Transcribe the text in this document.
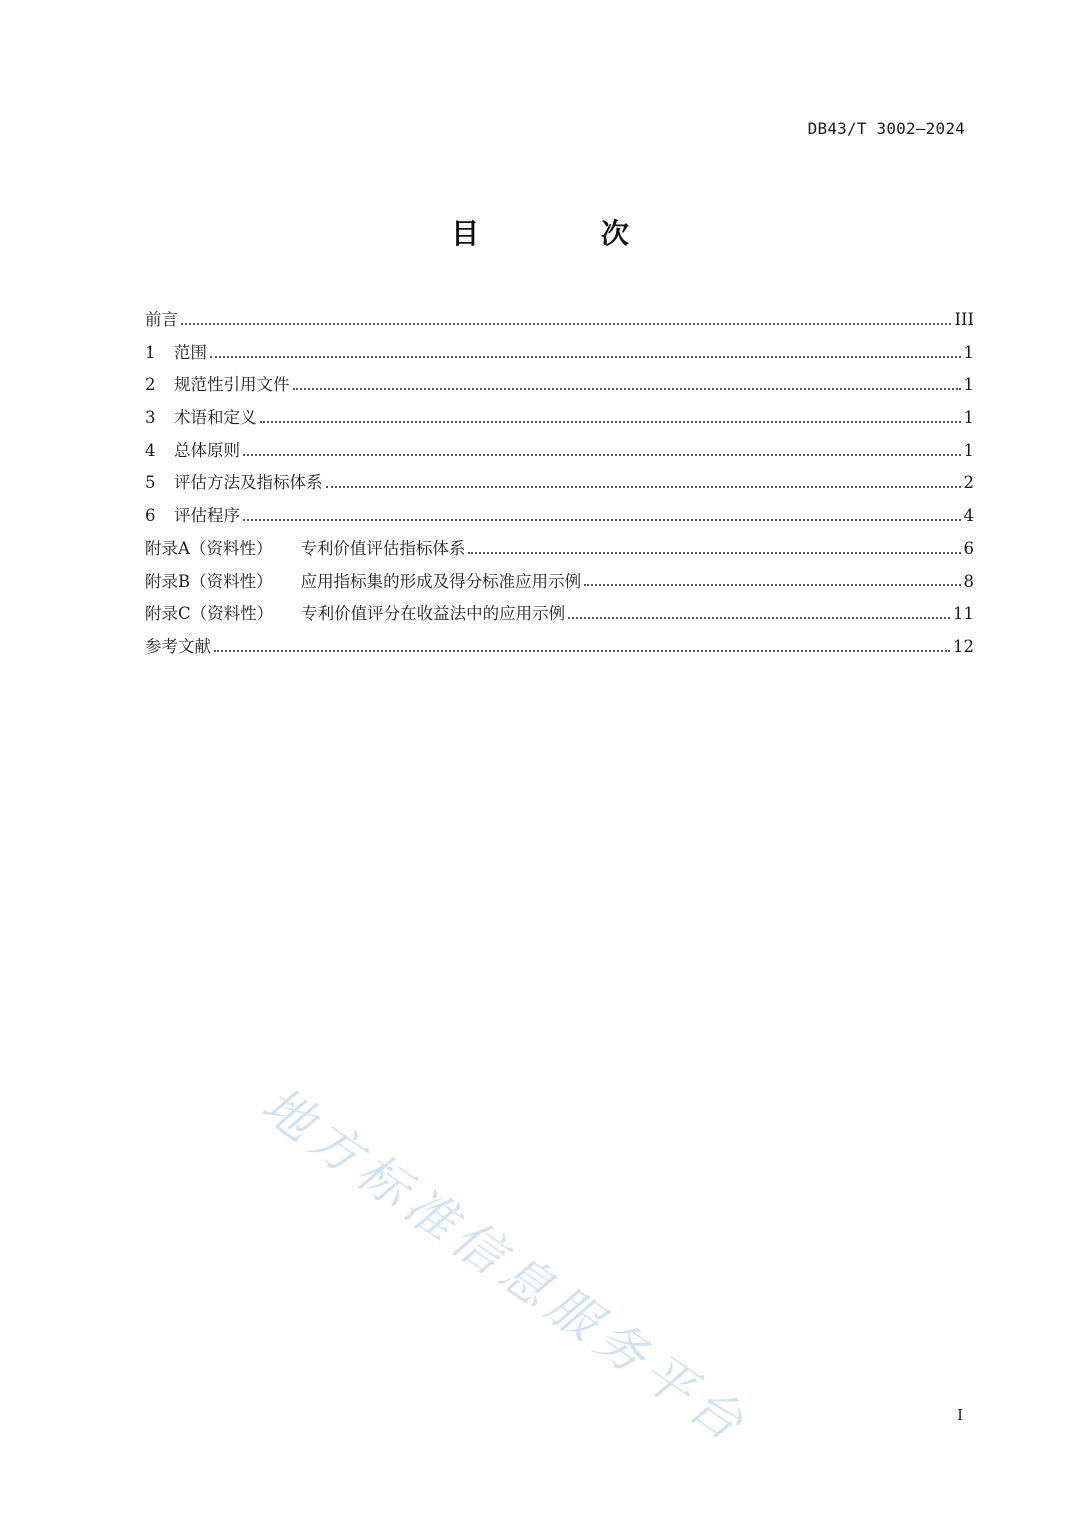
DB43/T 3002—2024
目 次
前言	III
1	范围	1
2	规范性引用文件	1
3	术语和定义	1
4	总体原则	1
5	评估方法及指标体系	2
6	评估程序	4
附录A（资料性） 专利价值评估指标体系	6
附录B（资料性） 应用指标集的形成及得分标准应用示例	8
附录C（资料性） 专利价值评分在收益法中的应用示例	11
参考文献	12
地方标准信息服务平台	I
